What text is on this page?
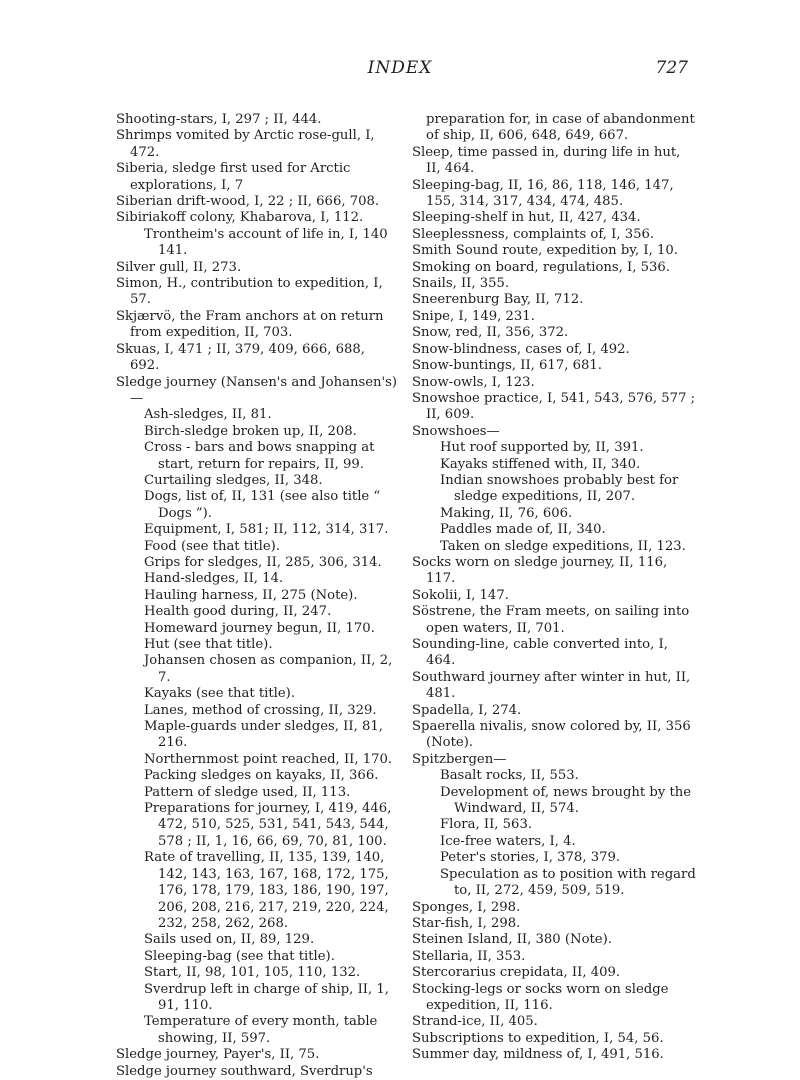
INDEX	727

Shooting-stars, I, 297 ; II, 444.

Shrimps vomited by Arctic rose-gull, I, 472.

Siberia, sledge first used for Arctic explorations, I, 7

Siberian drift-wood, I, 22 ; II, 666, 708.

Sibiriakoff colony, Khabarova, I, 112.

Trontheim's account of life in, I, 140 141.

Silver gull, II, 273.

Simon, H., contribution to expedition, I, 57.

Skjærvö, the Fram anchors at on return from expedition, II, 703.

Skuas, I, 471 ; II, 379, 409, 666, 688, 692.

Sledge journey (Nansen's and Johansen's)—

Ash-sledges, II, 81.

Birch-sledge broken up, II, 208.

Cross - bars and bows snapping at start, return for repairs, II, 99.

Curtailing sledges, II, 348.

Dogs, list of, II, 131 (see also title “ Dogs ”).

Equipment, I, 581; II, 112, 314, 317.

Food (see that title).

Grips for sledges, II, 285, 306, 314.

Hand-sledges, II, 14.

Hauling harness, II, 275 (Note).

Health good during, II, 247.

Homeward journey begun, II, 170.

Hut (see that title).

Johansen chosen as companion, II, 2, 7.

Kayaks (see that title).

Lanes, method of crossing, II, 329.

Maple-guards under sledges, II, 81, 216.

Northernmost point reached, II, 170.

Packing sledges on kayaks, II, 366.

Pattern of sledge used, II, 113.

Preparations for journey, I, 419, 446, 472, 510, 525, 531, 541, 543, 544, 578 ; II, 1, 16, 66, 69, 70, 81, 100.

Rate of travelling, II, 135, 139, 140, 142, 143, 163, 167, 168, 172, 175, 176, 178, 179, 183, 186, 190, 197, 206, 208, 216, 217, 219, 220, 224, 232, 258, 262, 268.

Sails used on, II, 89, 129.

Sleeping-bag (see that title).

Start, II, 98, 101, 105, 110, 132.

Sverdrup left in charge of ship, II, 1, 91, 110.

Temperature of every month, table showing, II, 597.

Sledge journey, Payer's, II, 75.

Sledge journey southward, Sverdrup's

preparation for, in case of abandonment of ship, II, 606, 648, 649, 667.

Sleep, time passed in, during life in hut, II, 464.

Sleeping-bag, II, 16, 86, 118, 146, 147, 155, 314, 317, 434, 474, 485.

Sleeping-shelf in hut, II, 427, 434.

Sleeplessness, complaints of, I, 356.

Smith Sound route, expedition by, I, 10.

Smoking on board, regulations, I, 536.

Snails, II, 355.

Sneerenburg Bay, II, 712.

Snipe, I, 149, 231.

Snow, red, II, 356, 372.

Snow-blindness, cases of, I, 492.

Snow-buntings, II, 617, 681.

Snow-owls, I, 123.

Snowshoe practice, I, 541, 543, 576, 577 ; II, 609.

Snowshoes—

Hut roof supported by, II, 391.

Kayaks stiffened with, II, 340.

Indian snowshoes probably best for sledge expeditions, II, 207.

Making, II, 76, 606.

Paddles made of, II, 340.

Taken on sledge expeditions, II, 123.

Socks worn on sledge journey, II, 116, 117.

Sokolii, I, 147.

Söstrene, the Fram meets, on sailing into open waters, II, 701.

Sounding-line, cable converted into, I, 464.

Southward journey after winter in hut, II, 481.

Spadella, I, 274.

Spaerella nivalis, snow colored by, II, 356 (Note).

Spitzbergen—

Basalt rocks, II, 553.

Development of, news brought by the Windward, II, 574.

Flora, II, 563.

Ice-free waters, I, 4.

Peter's stories, I, 378, 379.

Speculation as to position with regard to, II, 272, 459, 509, 519.

Sponges, I, 298.

Star-fish, I, 298.

Steinen Island, II, 380 (Note).

Stellaria, II, 353.

Stercorarius crepidata, II, 409.

Stocking-legs or socks worn on sledge expedition, II, 116.

Strand-ice, II, 405.

Subscriptions to expedition, I, 54, 56.

Summer day, mildness of, I, 491, 516.
